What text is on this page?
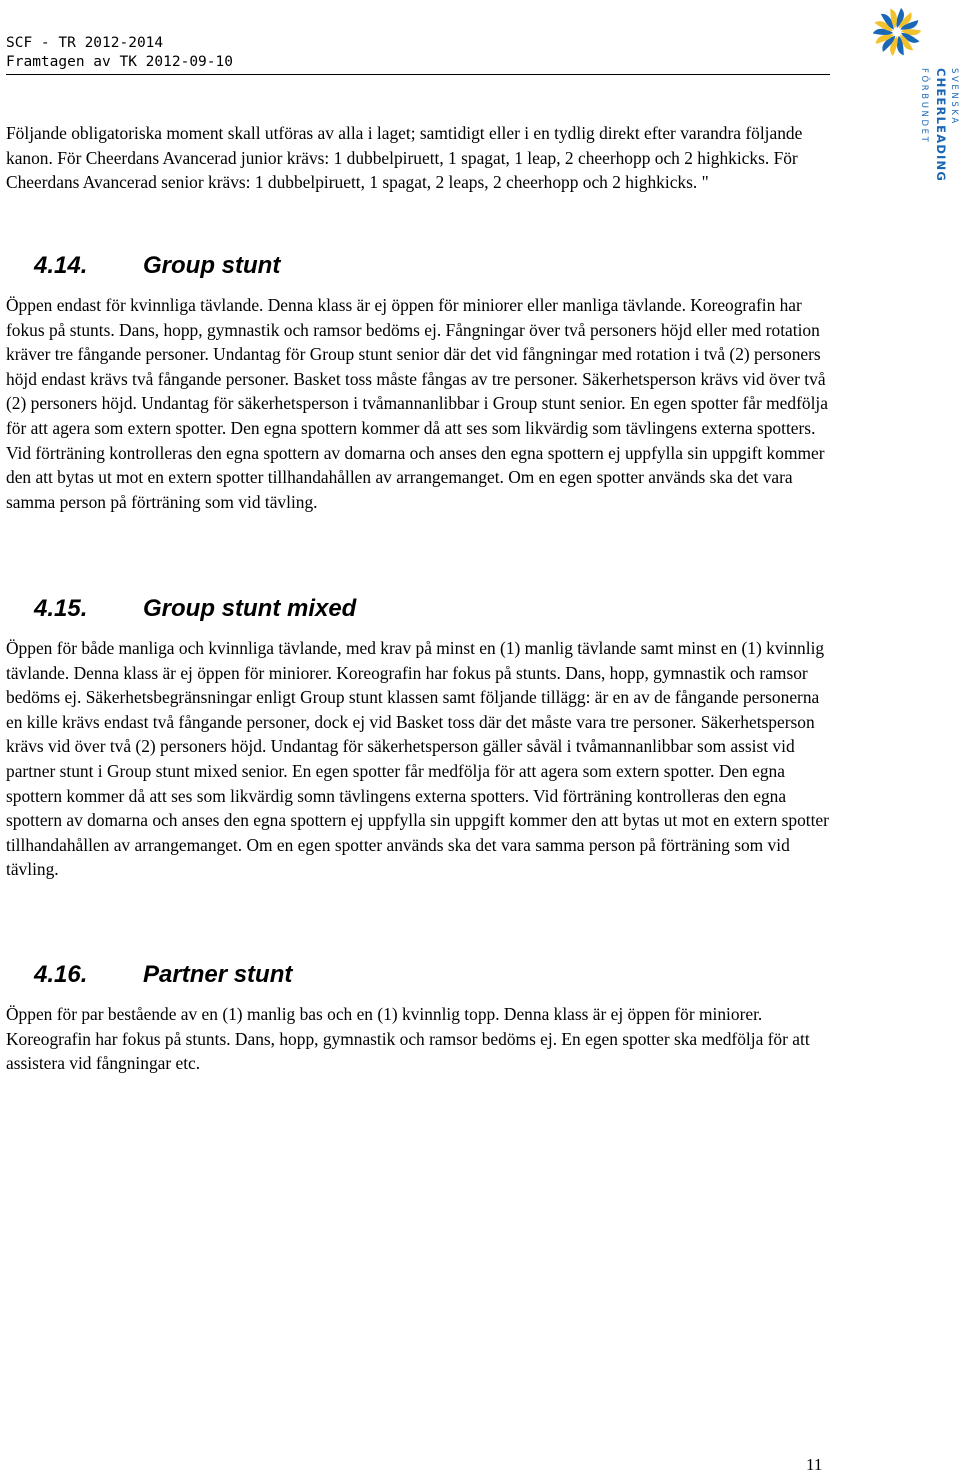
SCF - TR 2012-2014
Framtagen av TK 2012-09-10
SVENSKA
CHEERLEADING
FÖRBUNDET

Följande obligatoriska moment skall utföras av alla i laget; samtidigt eller i en tydlig direkt efter varandra följande kanon. För Cheerdans Avancerad junior krävs: 1 dubbelpiruett, 1 spagat, 1 leap, 2 cheerhopp och 2 highkicks. För Cheerdans Avancerad senior krävs: 1 dubbelpiruett, 1 spagat, 2 leaps, 2 cheerhopp och 2 highkicks. "

4.14. Group stunt

Öppen endast för kvinnliga tävlande. Denna klass är ej öppen för miniorer eller manliga tävlande. Koreografin har fokus på stunts. Dans, hopp, gymnastik och ramsor bedöms ej. Fångningar över två personers höjd eller med rotation kräver tre fångande personer. Undantag för Group stunt senior där det vid fångningar med rotation i två (2) personers höjd endast krävs två fångande personer. Basket toss måste fångas av tre personer. Säkerhetsperson krävs vid över två (2) personers höjd. Undantag för säkerhetsperson i tvåmannanlibbar i Group stunt senior. En egen spotter får medfölja för att agera som extern spotter. Den egna spottern kommer då att ses som likvärdig som tävlingens externa spotters. Vid förträning kontrolleras den egna spottern av domarna och anses den egna spottern ej uppfylla sin uppgift kommer den att bytas ut mot en extern spotter tillhandahållen av arrangemanget. Om en egen spotter används ska det vara samma person på förträning som vid tävling.

4.15. Group stunt mixed

Öppen för både manliga och kvinnliga tävlande, med krav på minst en (1) manlig tävlande samt minst en (1) kvinnlig tävlande. Denna klass är ej öppen för miniorer. Koreografin har fokus på stunts. Dans, hopp, gymnastik och ramsor bedöms ej. Säkerhetsbegränsningar enligt Group stunt klassen samt följande tillägg: är en av de fångande personerna en kille krävs endast två fångande personer, dock ej vid Basket toss där det måste vara tre personer. Säkerhetsperson krävs vid över två (2) personers höjd. Undantag för säkerhetsperson gäller såväl i tvåmannanlibbar som assist vid partner stunt i Group stunt mixed senior. En egen spotter får medfölja för att agera som extern spotter. Den egna spottern kommer då att ses som likvärdig somn tävlingens externa spotters. Vid förträning kontrolleras den egna spottern av domarna och anses den egna spottern ej uppfylla sin uppgift kommer den att bytas ut mot en extern spotter tillhandahållen av arrangemanget. Om en egen spotter används ska det vara samma person på förträning som vid tävling.

4.16. Partner stunt

Öppen för par bestående av en (1) manlig bas och en (1) kvinnlig topp. Denna klass är ej öppen för miniorer. Koreografin har fokus på stunts. Dans, hopp, gymnastik och ramsor bedöms ej. En egen spotter ska medfölja för att assistera vid fångningar etc.

11
